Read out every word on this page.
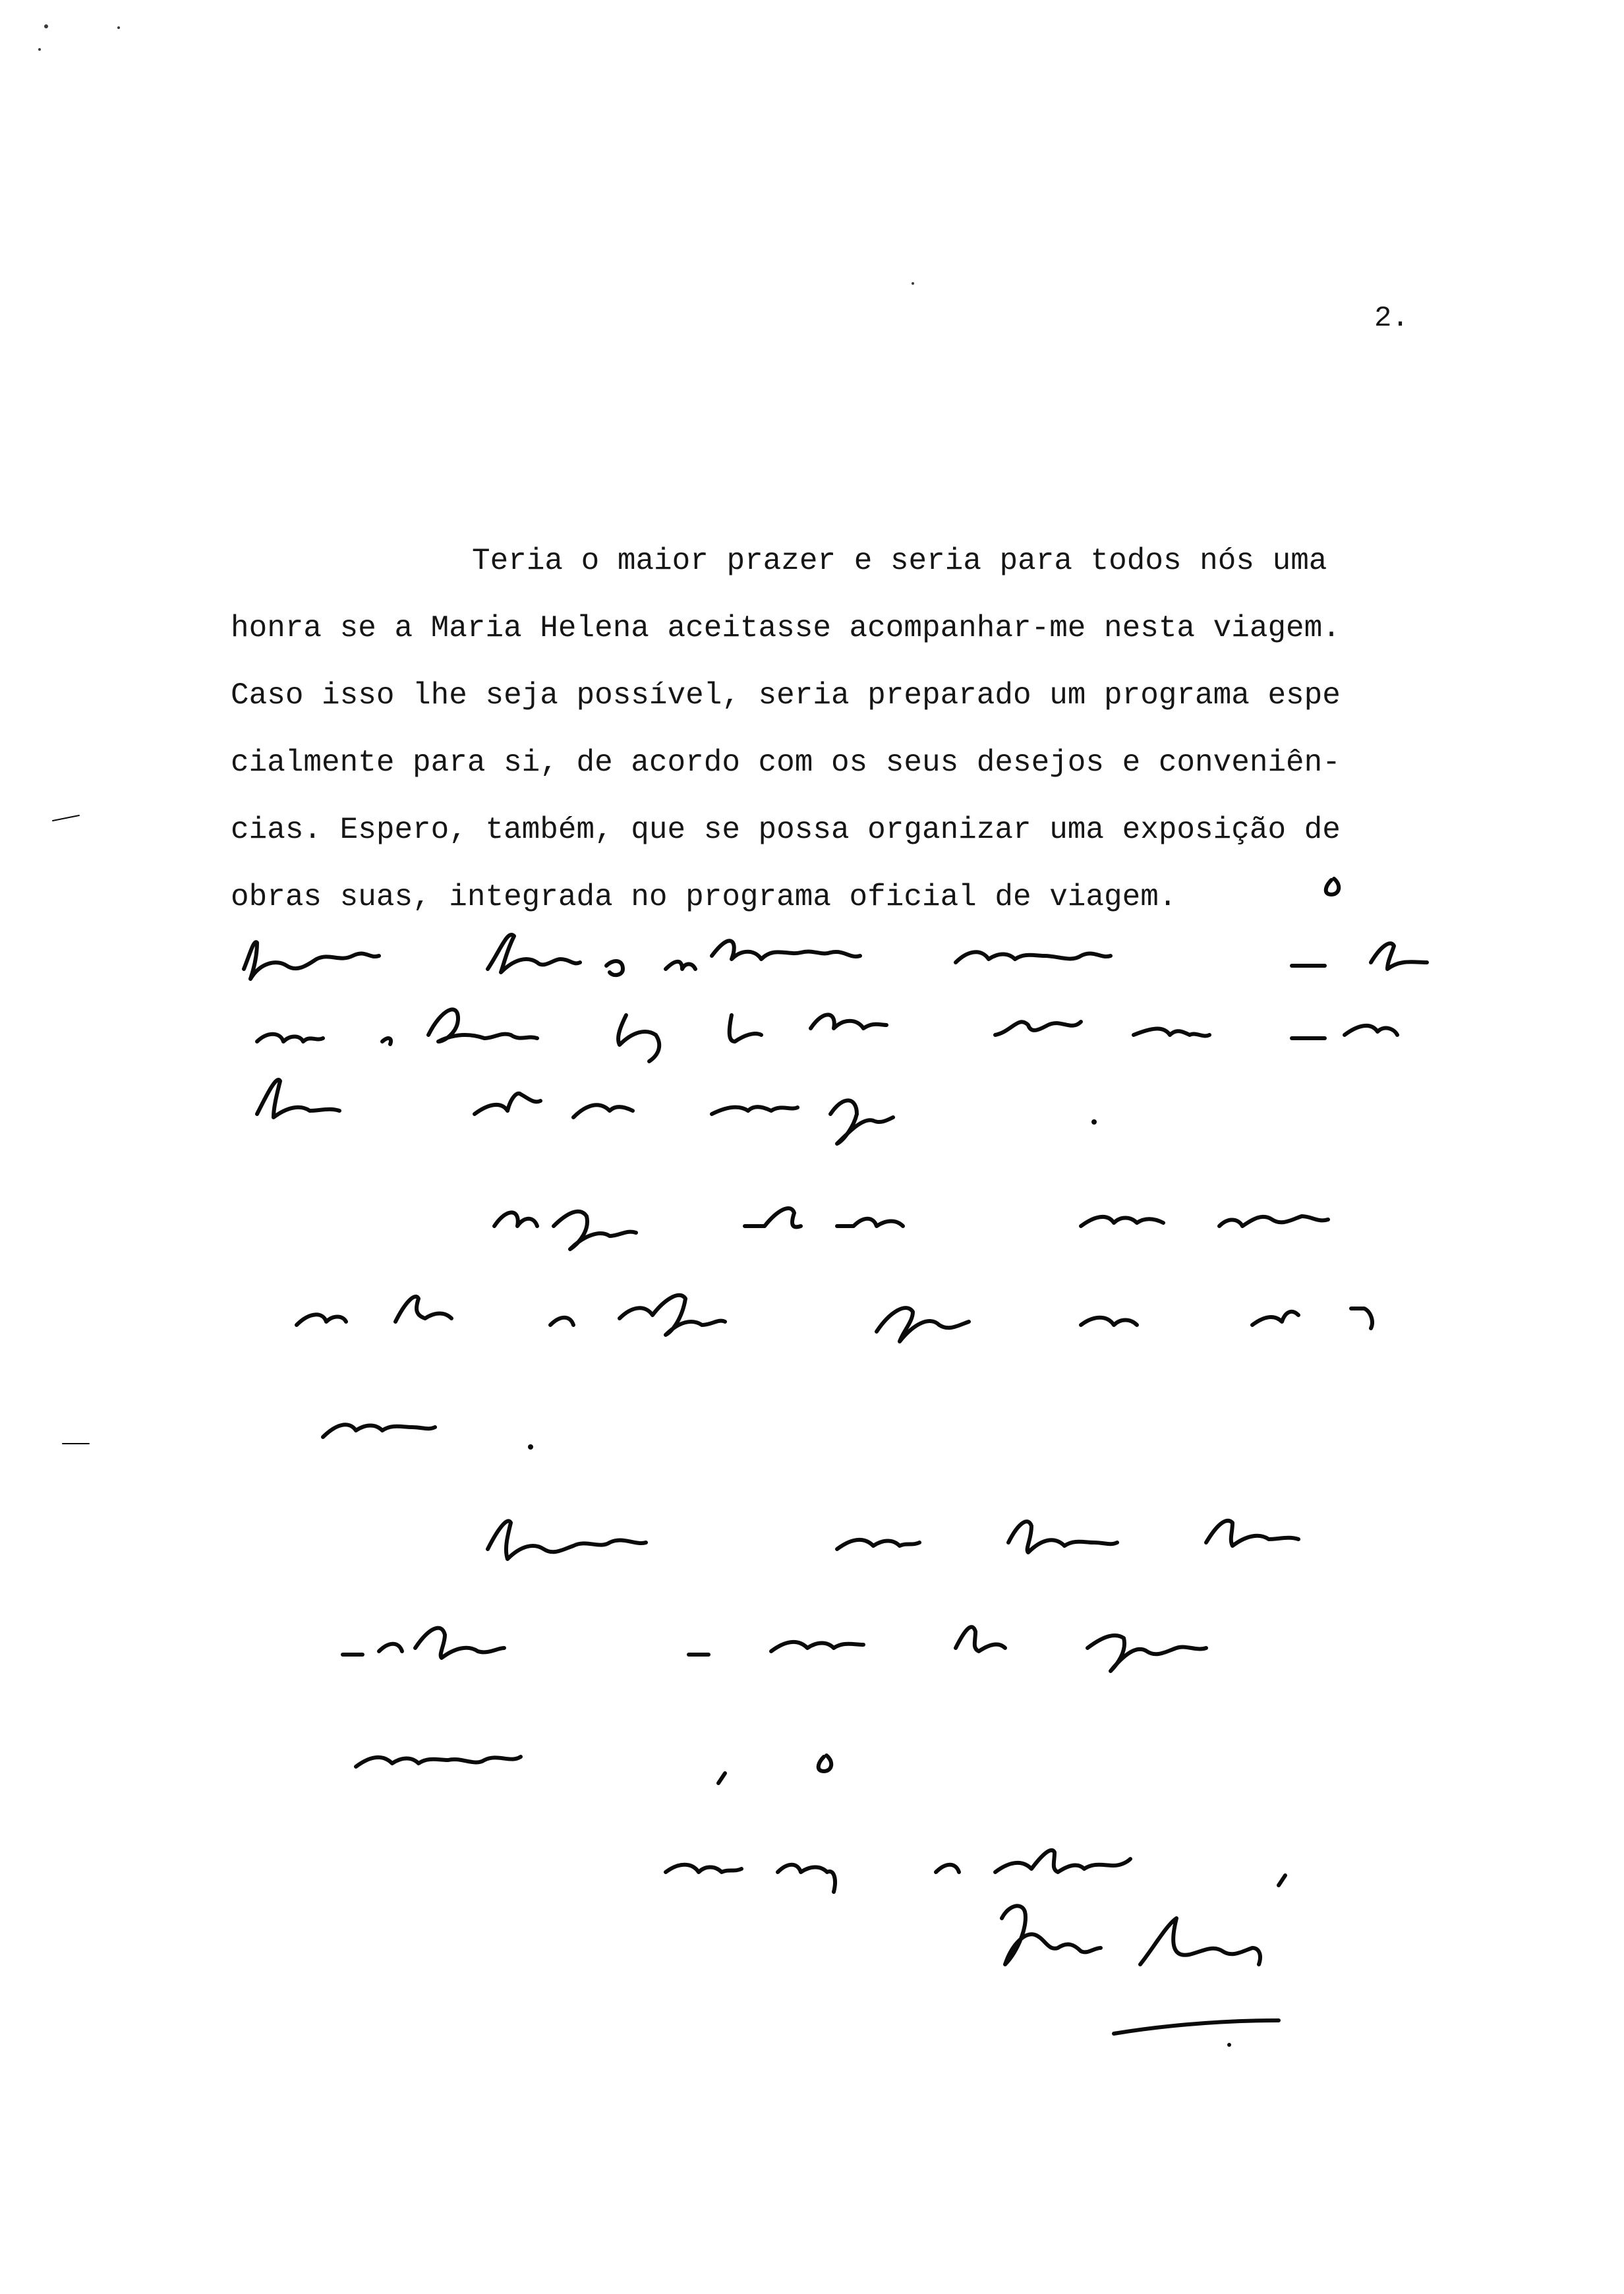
2.
Teria o maior prazer e seria para todos nós uma
honra se a Maria Helena aceitasse acompanhar-me nesta viagem.
Caso isso lhe seja possível, seria preparado um programa espe
cialmente para si, de acordo com os seus desejos e conveniên-
cias. Espero, também, que se possa organizar uma exposição de
obras suas, integrada no programa oficial de viagem.
